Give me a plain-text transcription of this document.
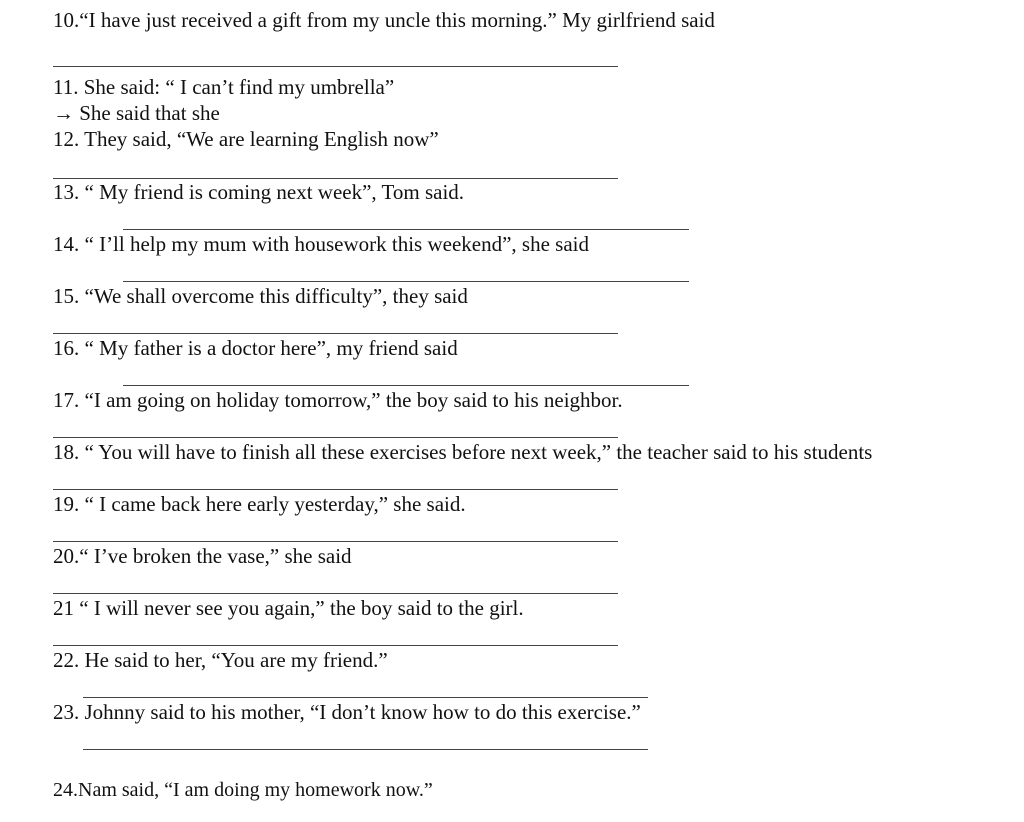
10.“I have just received a gift from my uncle this morning.” My girlfriend said
11. She said: “ I can’t find my umbrella”
→ She said that she
12. They said, “We are learning English now”
13. “ My friend is coming next week”, Tom said.
14. “ I’ll help my mum with housework this weekend”, she said
15. “We shall overcome this difficulty”, they said
16. “ My father is a doctor here”, my friend said
17. “I am going on holiday tomorrow,” the boy said to his neighbor.
18. “ You will have to finish all these exercises before next week,” the teacher said to his students
19. “ I came back here early yesterday,” she said.
20.“ I’ve broken the vase,” she said
21 “ I will never see you again,” the boy said to the girl.
22. He said to her, “You are my friend.”
23. Johnny said to his mother, “I don’t know how to do this exercise.”
24.Nam said, “I am doing my homework now.”
